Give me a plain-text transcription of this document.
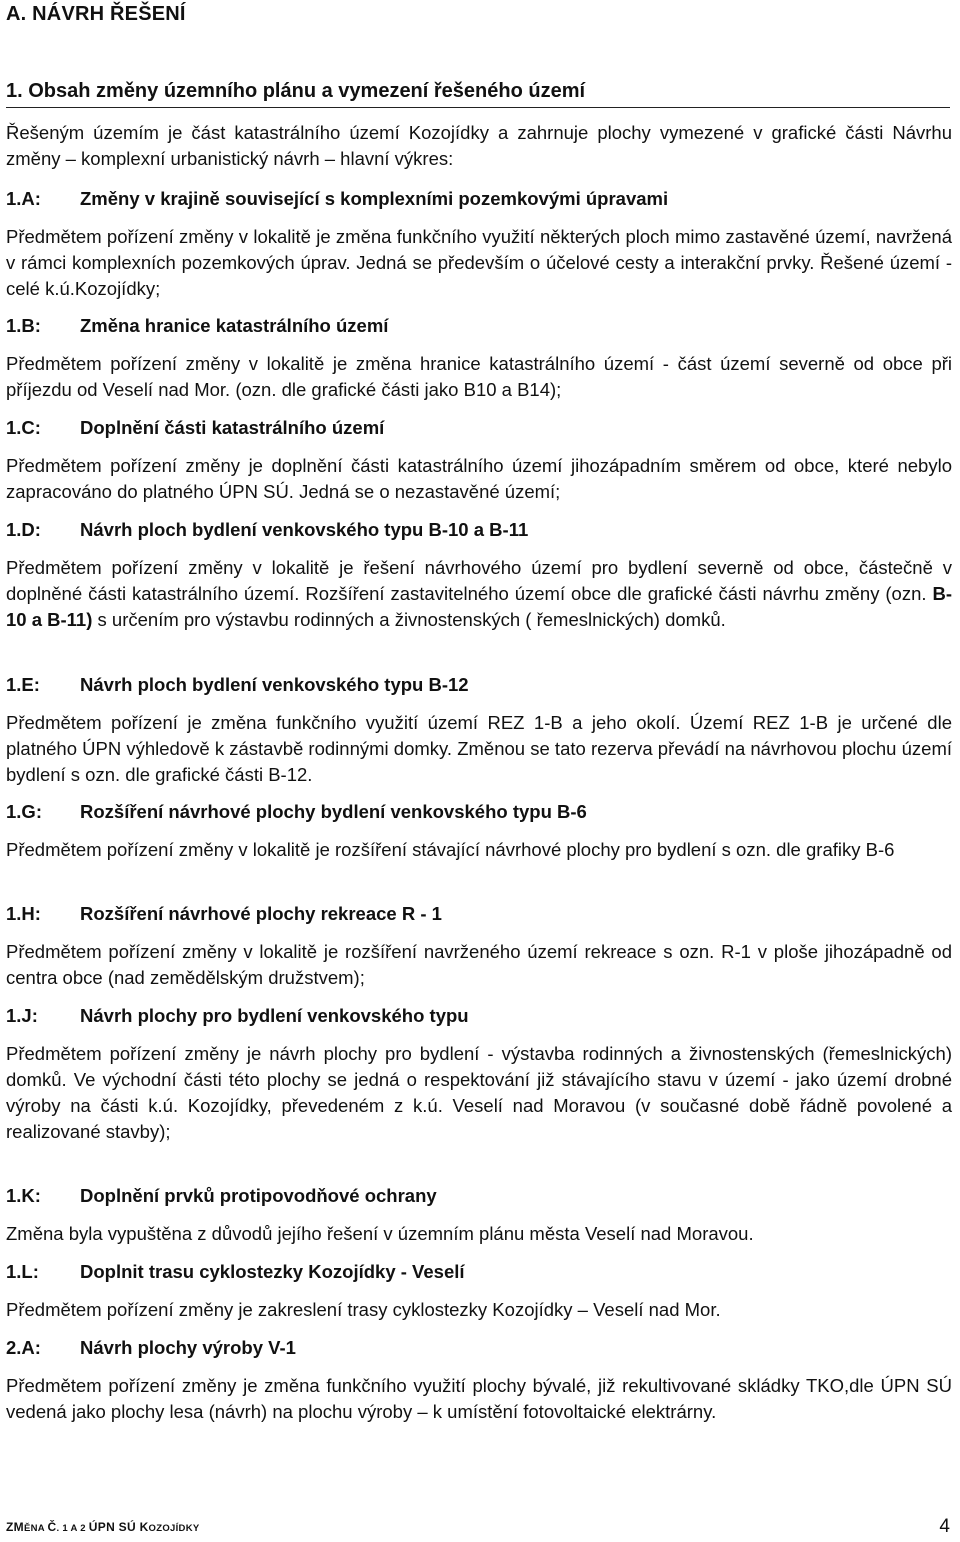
A. NÁVRH ŘEŠENÍ
1. Obsah změny územního plánu a vymezení řešeného území

Řešeným územím je část katastrálního území Kozojídky a zahrnuje plochy vymezené v grafické části Návrhu změny – komplexní urbanistický návrh – hlavní výkres:

1.A: Změny v krajině související s komplexními pozemkovými úpravami
Předmětem pořízení změny v lokalitě je změna funkčního využití některých ploch mimo zastavěné území, navržená v rámci komplexních pozemkových úprav. Jedná se především o účelové cesty a interakční prvky. Řešené území - celé k.ú.Kozojídky;
1.B: Změna hranice katastrálního území
Předmětem pořízení změny v lokalitě je změna hranice katastrálního území - část území severně od obce při příjezdu od Veselí nad Mor. (ozn. dle grafické části jako B10 a B14);
1.C: Doplnění části katastrálního území
Předmětem pořízení změny je doplnění části katastrálního území jihozápadním směrem od obce, které nebylo zapracováno do platného ÚPN SÚ. Jedná se o nezastavěné území;
1.D: Návrh ploch bydlení venkovského typu B-10 a B-11
Předmětem pořízení změny v lokalitě je řešení návrhového území pro bydlení severně od obce, částečně v doplněné části katastrálního území. Rozšíření zastavitelného území obce dle grafické části návrhu změny (ozn. B-10 a B-11) s určením pro výstavbu rodinných a živnostenských ( řemeslnických) domků.
1.E: Návrh ploch bydlení venkovského typu B-12
Předmětem pořízení je změna funkčního využití území REZ 1-B a jeho okolí. Území REZ 1-B je určené dle platného ÚPN výhledově k zástavbě rodinnými domky. Změnou se tato rezerva převádí na návrhovou plochu území bydlení s ozn. dle grafické části B-12.
1.G: Rozšíření návrhové plochy bydlení venkovského typu B-6
Předmětem pořízení změny v lokalitě je rozšíření stávající návrhové plochy pro bydlení s ozn. dle grafiky B-6
1.H: Rozšíření návrhové plochy rekreace R - 1
Předmětem pořízení změny v lokalitě je rozšíření navrženého území rekreace s ozn. R-1 v ploše jihozápadně od centra obce (nad zemědělským družstvem);
1.J: Návrh plochy pro bydlení venkovského typu
Předmětem pořízení změny je návrh plochy pro bydlení - výstavba rodinných a živnostenských (řemeslnických) domků. Ve východní části této plochy se jedná o respektování již stávajícího stavu v území - jako území drobné výroby na části k.ú. Kozojídky, převedeném z k.ú. Veselí nad Moravou (v současné době řádně povolené a realizované stavby);
1.K: Doplnění prvků protipovodňové ochrany
Změna byla vypuštěna z důvodů jejího řešení v územním plánu města Veselí nad Moravou.
1.L: Doplnit trasu cyklostezky Kozojídky - Veselí
Předmětem pořízení změny je zakreslení trasy cyklostezky Kozojídky – Veselí nad Mor.
2.A: Návrh plochy výroby V-1
Předmětem pořízení změny je změna funkčního využití plochy bývalé, již rekultivované skládky TKO,dle ÚPN SÚ vedená jako plochy lesa (návrh) na plochu výroby – k umístění fotovoltaické elektrárny.
ZMĚNA Č. 1 A 2 ÚPN SÚ KOZOJÍDKY	4
